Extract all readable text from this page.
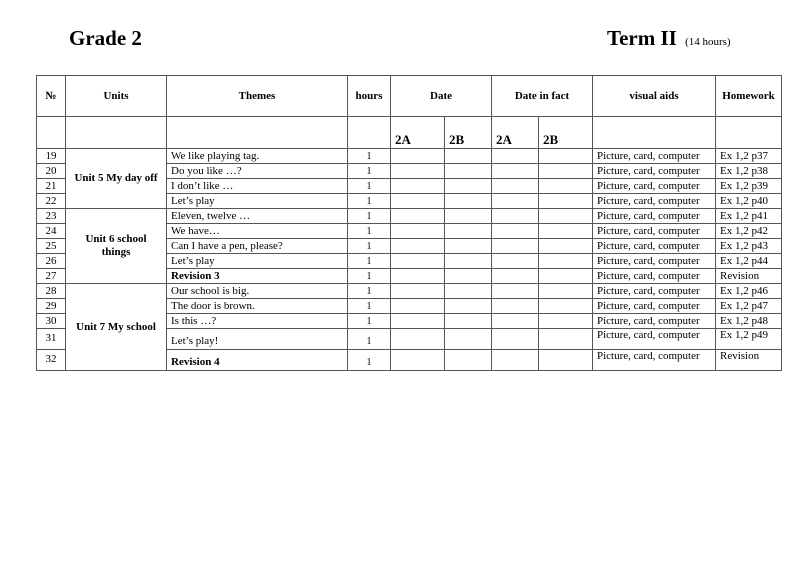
Grade 2	Term II (14 hours)
№	Units	Themes	hours	Date		Date in fact		visual aids	Homework
				2A	2B	2A	2B		
19	Unit 5 My day off	We like playing tag.	1					Picture, card, computer	Ex 1,2 p37
20		Do you like …?	1					Picture, card, computer	Ex 1,2 p38
21		I don’t like …	1					Picture, card, computer	Ex 1,2 p39
22		Let’s play	1					Picture, card, computer	Ex 1,2 p40
23	Unit 6 school things	Eleven, twelve …	1					Picture, card, computer	Ex 1,2 p41
24		We have…	1					Picture, card, computer	Ex 1,2 p42
25		Can I have a pen, please?	1					Picture, card, computer	Ex 1,2 p43
26		Let’s play	1					Picture, card, computer	Ex 1,2 p44
27		Revision 3	1					Picture, card, computer	Revision
28	Unit 7 My school	Our school is big.	1					Picture, card, computer	Ex 1,2 p46
29		The door is brown.	1					Picture, card, computer	Ex 1,2 p47
30		Is this …?	1					Picture, card, computer	Ex 1,2 p48
31		Let’s play!	1					Picture, card, computer	Ex 1,2 p49
32		Revision 4	1					Picture, card, computer	Revision
